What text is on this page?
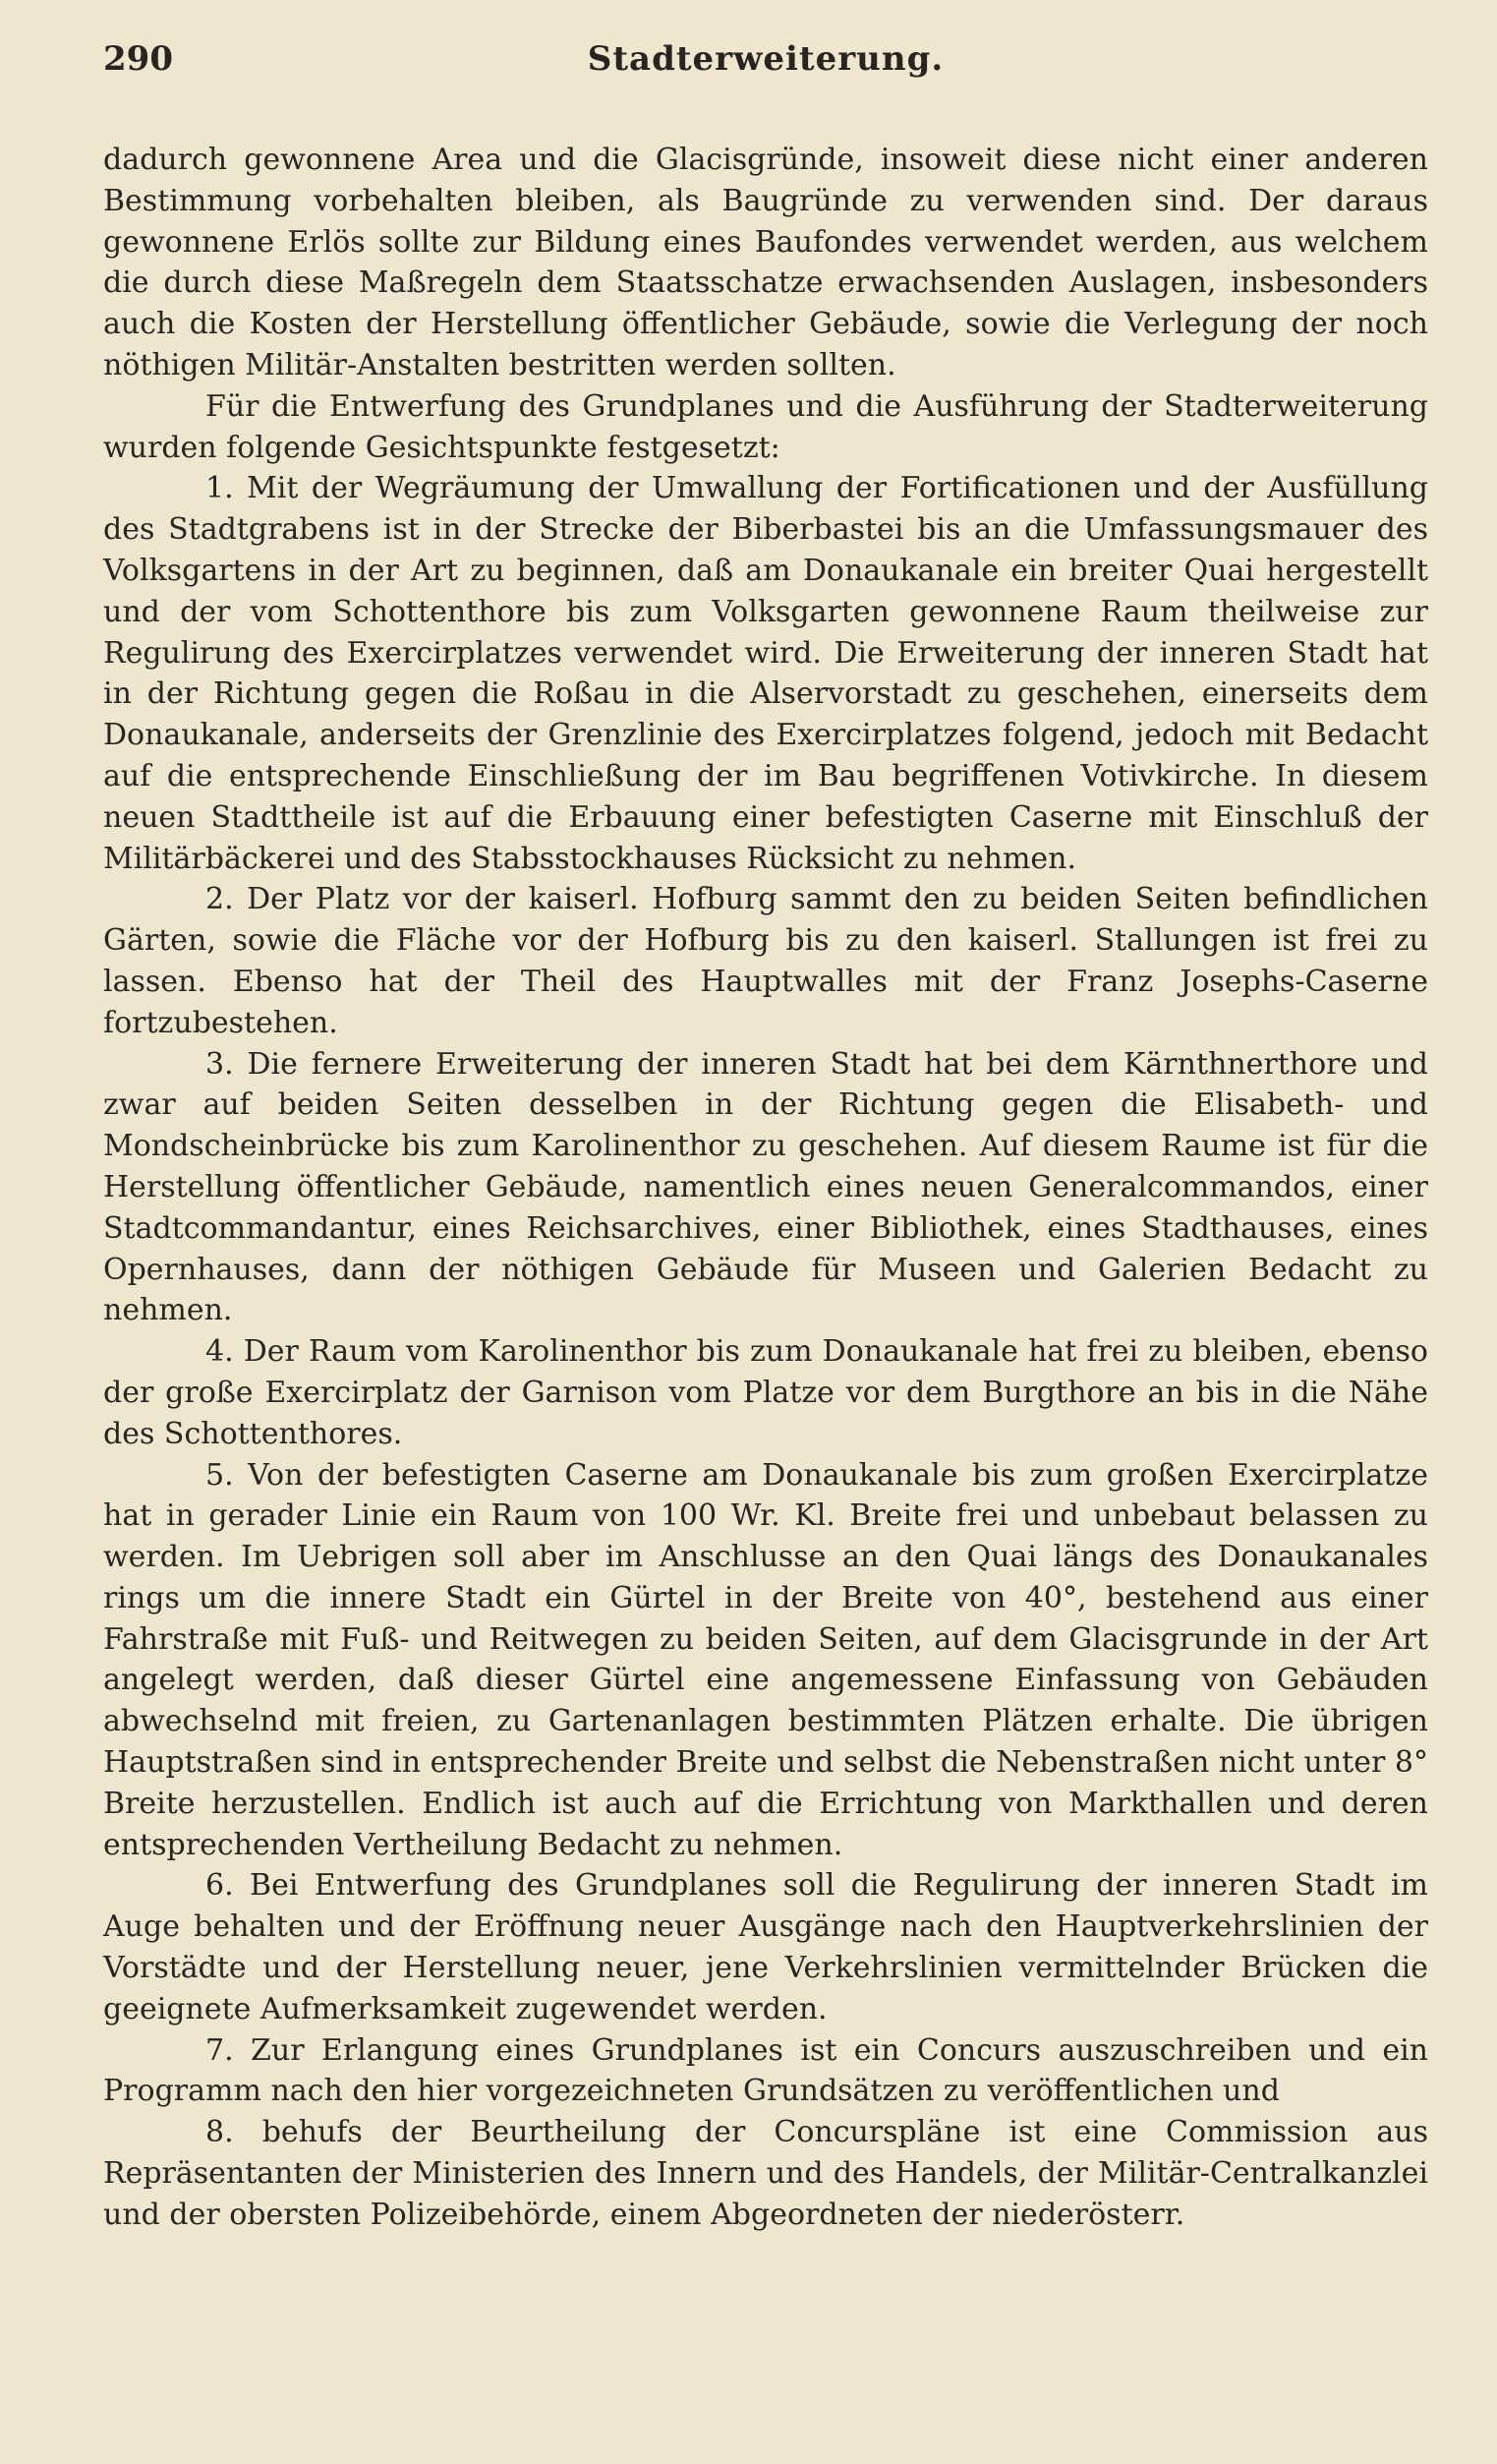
290	Stadterweiterung.

dadurch gewonnene Area und die Glacisgründe, insoweit diese nicht einer anderen Bestimmung vorbehalten bleiben, als Baugründe zu verwenden sind. Der daraus gewonnene Erlös sollte zur Bildung eines Baufondes verwendet werden, aus welchem die durch diese Maßregeln dem Staatsschatze erwachsenden Auslagen, insbesonders auch die Kosten der Herstellung öffentlicher Gebäude, sowie die Verlegung der noch nöthigen Militär-Anstalten bestritten werden sollten.

Für die Entwerfung des Grundplanes und die Ausführung der Stadterweiterung wurden folgende Gesichtspunkte festgesetzt:

1. Mit der Wegräumung der Umwallung der Fortificationen und der Ausfüllung des Stadtgrabens ist in der Strecke der Biberbastei bis an die Umfassungsmauer des Volksgartens in der Art zu beginnen, daß am Donaukanale ein breiter Quai hergestellt und der vom Schottenthore bis zum Volksgarten gewonnene Raum theilweise zur Regulirung des Exercirplatzes verwendet wird. Die Erweiterung der inneren Stadt hat in der Richtung gegen die Roßau in die Alservorstadt zu geschehen, einerseits dem Donaukanale, anderseits der Grenzlinie des Exercirplatzes folgend, jedoch mit Bedacht auf die entsprechende Einschließung der im Bau begriffenen Votivkirche. In diesem neuen Stadttheile ist auf die Erbauung einer befestigten Caserne mit Einschluß der Militärbäckerei und des Stabsstockhauses Rücksicht zu nehmen.

2. Der Platz vor der kaiserl. Hofburg sammt den zu beiden Seiten befindlichen Gärten, sowie die Fläche vor der Hofburg bis zu den kaiserl. Stallungen ist frei zu lassen. Ebenso hat der Theil des Hauptwalles mit der Franz Josephs-Caserne fortzubestehen.

3. Die fernere Erweiterung der inneren Stadt hat bei dem Kärnthnerthore und zwar auf beiden Seiten desselben in der Richtung gegen die Elisabeth- und Mondscheinbrücke bis zum Karolinenthor zu geschehen. Auf diesem Raume ist für die Herstellung öffentlicher Gebäude, namentlich eines neuen Generalcommandos, einer Stadtcommandantur, eines Reichsarchives, einer Bibliothek, eines Stadthauses, eines Opernhauses, dann der nöthigen Gebäude für Museen und Galerien Bedacht zu nehmen.

4. Der Raum vom Karolinenthor bis zum Donaukanale hat frei zu bleiben, ebenso der große Exercirplatz der Garnison vom Platze vor dem Burgthore an bis in die Nähe des Schottenthores.

5. Von der befestigten Caserne am Donaukanale bis zum großen Exercirplatze hat in gerader Linie ein Raum von 100 Wr. Kl. Breite frei und unbebaut belassen zu werden. Im Uebrigen soll aber im Anschlusse an den Quai längs des Donaukanales rings um die innere Stadt ein Gürtel in der Breite von 40°, bestehend aus einer Fahrstraße mit Fuß- und Reitwegen zu beiden Seiten, auf dem Glacisgrunde in der Art angelegt werden, daß dieser Gürtel eine angemessene Einfassung von Gebäuden abwechselnd mit freien, zu Gartenanlagen bestimmten Plätzen erhalte. Die übrigen Hauptstraßen sind in entsprechender Breite und selbst die Nebenstraßen nicht unter 8° Breite herzustellen. Endlich ist auch auf die Errichtung von Markthallen und deren entsprechenden Vertheilung Bedacht zu nehmen.

6. Bei Entwerfung des Grundplanes soll die Regulirung der inneren Stadt im Auge behalten und der Eröffnung neuer Ausgänge nach den Hauptverkehrslinien der Vorstädte und der Herstellung neuer, jene Verkehrslinien vermittelnder Brücken die geeignete Aufmerksamkeit zugewendet werden.

7. Zur Erlangung eines Grundplanes ist ein Concurs auszuschreiben und ein Programm nach den hier vorgezeichneten Grundsätzen zu veröffentlichen und

8. behufs der Beurtheilung der Concurspläne ist eine Commission aus Repräsentanten der Ministerien des Innern und des Handels, der Militär-Centralkanzlei und der obersten Polizeibehörde, einem Abgeordneten der niederösterr.
